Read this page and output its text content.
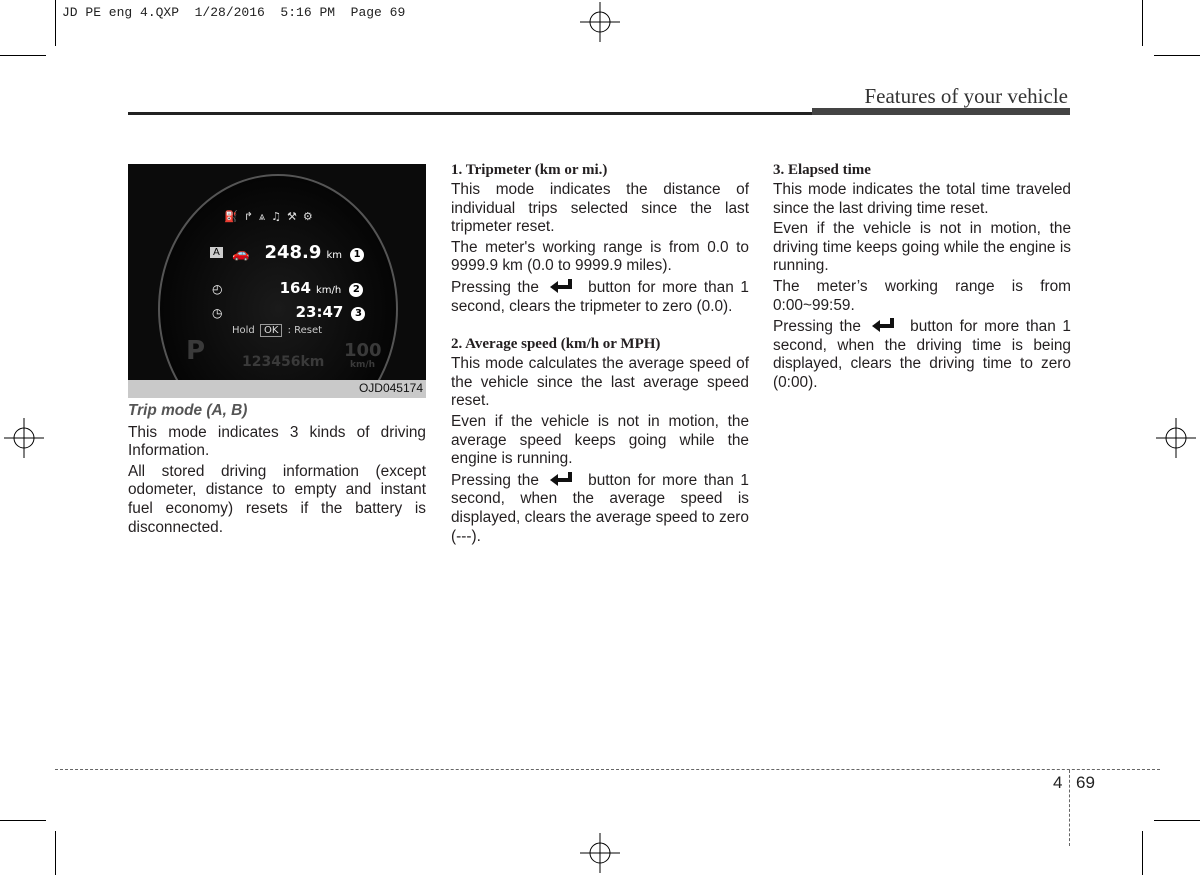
JD PE eng 4.QXP  1/28/2016  5:16 PM  Page 69
Features of your vehicle
⛽↱⩓♫⚒⚙
A 🚗 248.9 km 1
◴	164 km/h 2
◷	23:47 3
Hold OK : Reset
P	123456km
100
km/h
OJD045174
Trip mode (A, B)

This mode indicates 3 kinds of driving Information.

All stored driving information (except odometer, distance to empty and instant fuel economy) resets if the battery is disconnected.

1. Tripmeter (km or mi.)

This mode indicates the distance of individual trips selected since the last tripmeter reset.

The meter's working range is from 0.0 to 9999.9 km (0.0 to 9999.9 miles).

Pressing the	button for more than 1 second, clears the tripmeter to zero (0.0).

2. Average speed (km/h or MPH)

This mode calculates the average speed of the vehicle since the last average speed reset.

Even if the vehicle is not in motion, the average speed keeps going while the engine is running.

Pressing the	button for more than 1 second, when the average speed is displayed, clears the average speed to zero (---).

3. Elapsed time

This mode indicates the total time traveled since the last driving time reset.

Even if the vehicle is not in motion, the driving time keeps going while the engine is running.

The meter’s working range is from 0:00~99:59.

Pressing the	button for more than 1 second, when the driving time is being displayed, clears the driving time to zero (0:00).

4 69
